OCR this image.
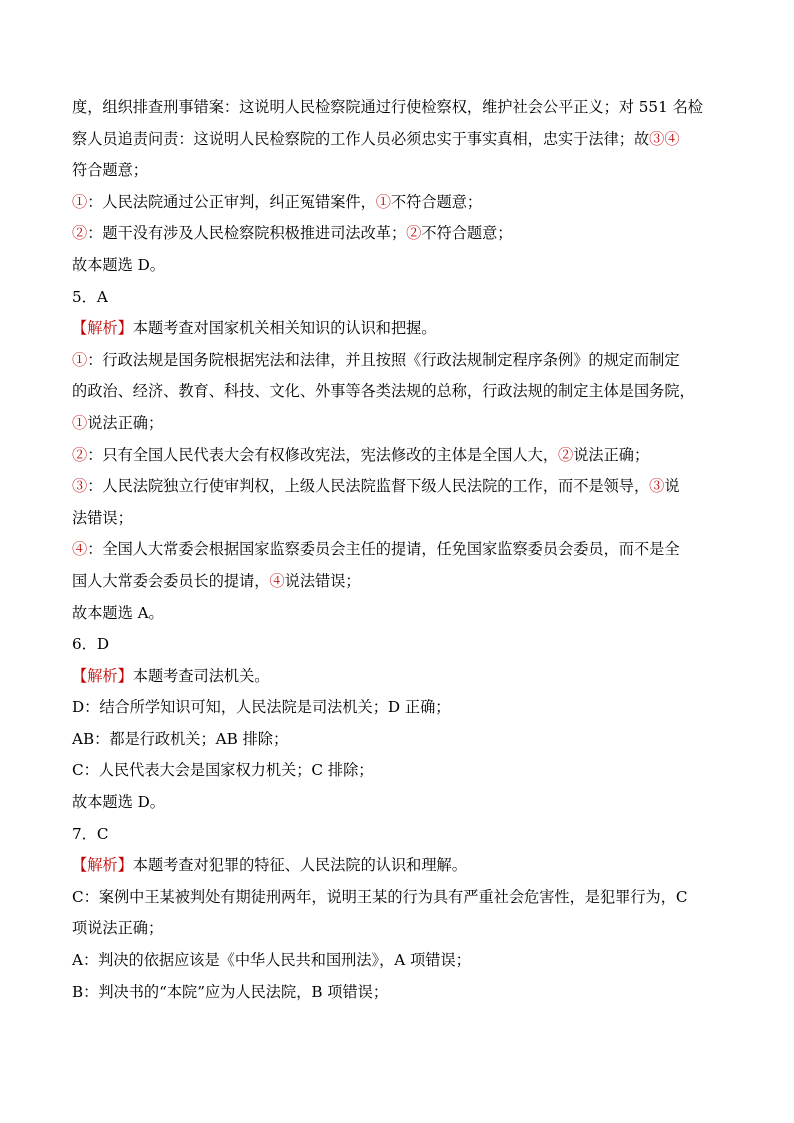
度，组织排查刑事错案：这说明人民检察院通过行使检察权，维护社会公平正义；对 551 名检
察人员追责问责：这说明人民检察院的工作人员必须忠实于事实真相，忠实于法律；故③④
符合题意；
①：人民法院通过公正审判，纠正冤错案件，①不符合题意；
②：题干没有涉及人民检察院积极推进司法改革；②不符合题意；
故本题选 D。
5．A
【解析】本题考查对国家机关相关知识的认识和把握。
①：行政法规是国务院根据宪法和法律，并且按照《行政法规制定程序条例》的规定而制定
的政治、经济、教育、科技、文化、外事等各类法规的总称，行政法规的制定主体是国务院，
①说法正确；
②：只有全国人民代表大会有权修改宪法，宪法修改的主体是全国人大，②说法正确；
③：人民法院独立行使审判权，上级人民法院监督下级人民法院的工作，而不是领导，③说
法错误；
④：全国人大常委会根据国家监察委员会主任的提请，任免国家监察委员会委员，而不是全
国人大常委会委员长的提请，④说法错误；
故本题选 A。
6．D
【解析】本题考查司法机关。
D：结合所学知识可知，人民法院是司法机关；D 正确；
AB：都是行政机关；AB 排除；
C：人民代表大会是国家权力机关；C 排除；
故本题选 D。
7．C
【解析】本题考查对犯罪的特征、人民法院的认识和理解。
C：案例中王某被判处有期徒刑两年，说明王某的行为具有严重社会危害性，是犯罪行为，C
项说法正确；
A：判决的依据应该是《中华人民共和国刑法》，A 项错误；
B：判决书的“本院”应为人民法院，B 项错误；
